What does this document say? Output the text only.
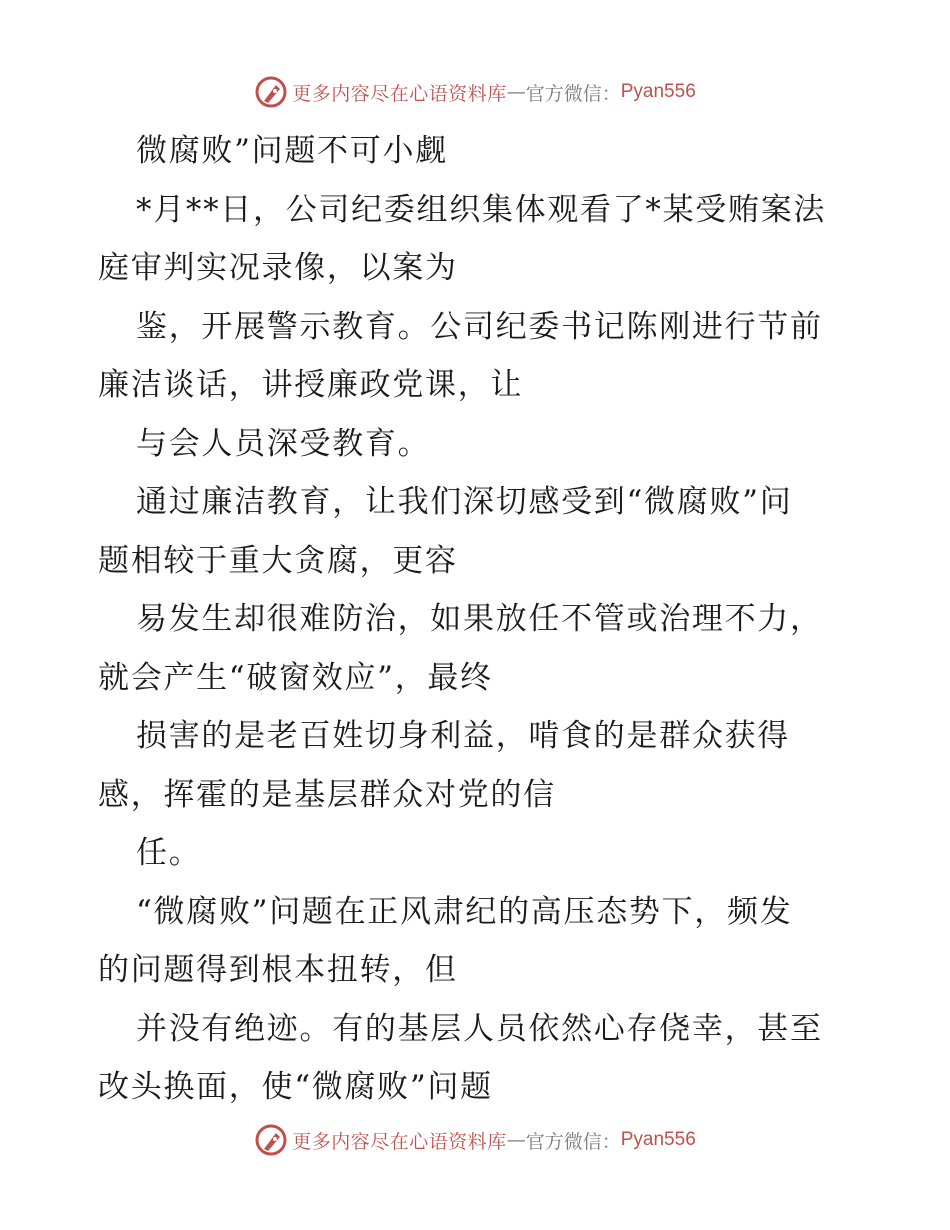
更多内容尽在心语资料库 — 官方微信： Pyan556
微腐败”问题不可小觑
*月**日，公司纪委组织集体观看了*某受贿案法
庭审判实况录像，以案为
鉴，开展警示教育。公司纪委书记陈刚进行节前
廉洁谈话，讲授廉政党课，让
与会人员深受教育。
通过廉洁教育，让我们深切感受到“微腐败”问
题相较于重大贪腐，更容
易发生却很难防治，如果放任不管或治理不力，
就会产生“破窗效应”，最终
损害的是老百姓切身利益，啃食的是群众获得
感，挥霍的是基层群众对党的信
任。
“微腐败”问题在正风肃纪的高压态势下，频发
的问题得到根本扭转，但
并没有绝迹。有的基层人员依然心存侥幸，甚至
改头换面，使“微腐败”问题
更多内容尽在心语资料库 — 官方微信： Pyan556
